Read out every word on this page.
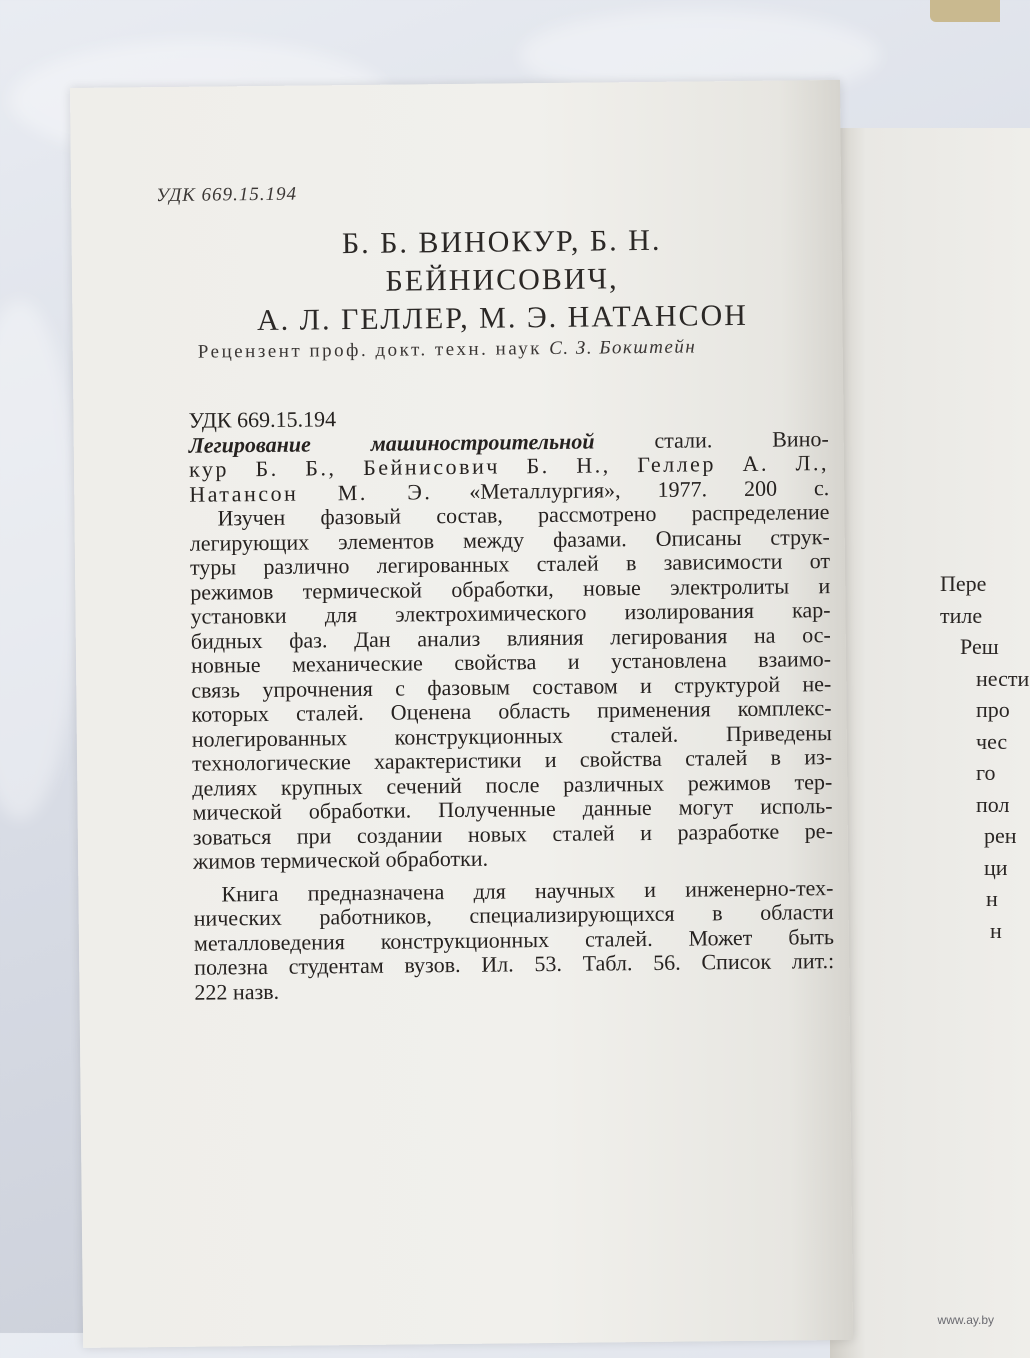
Пере
тиле
Реш
нести
про
чес
го
пол
рен
ци
н
н
УДК 669.15.194
Б. Б. ВИНОКУР, Б. Н. БЕЙНИСОВИЧ,
А. Л. ГЕЛЛЕР, М. Э. НАТАНСОН
Рецензент проф. докт. техн. наук С. З. Бокштейн
УДК 669.15.194
Легирование машиностроительной	стали. Вино-
кур Б. Б., Бейнисович Б. Н., Геллер А. Л.,
Натансон М. Э. «Металлургия», 1977. 200 с.
Изучен фазовый состав, рассмотрено распределение
легирующих элементов между фазами. Описаны струк-
туры различно легированных сталей в зависимости от
режимов термической обработки, новые электролиты и
установки для электрохимического изолирования кар-
бидных фаз. Дан анализ влияния легирования на ос-
новные механические свойства и установлена взаимо-
связь упрочнения с фазовым составом и структурой не-
которых сталей. Оценена область применения комплекс-
нолегированных конструкционных сталей. Приведены
технологические характеристики и свойства сталей в из-
делиях крупных сечений после различных режимов тер-
мической обработки. Полученные данные могут исполь-
зоваться при создании новых сталей и разработке ре-
жимов термической обработки.
Книга предназначена для научных и инженерно-тех-
нических работников, специализирующихся в области
металловедения конструкционных сталей. Может быть
полезна студентам вузов. Ил. 53. Табл. 56. Список лит.:
222 назв.
www.ay.by
